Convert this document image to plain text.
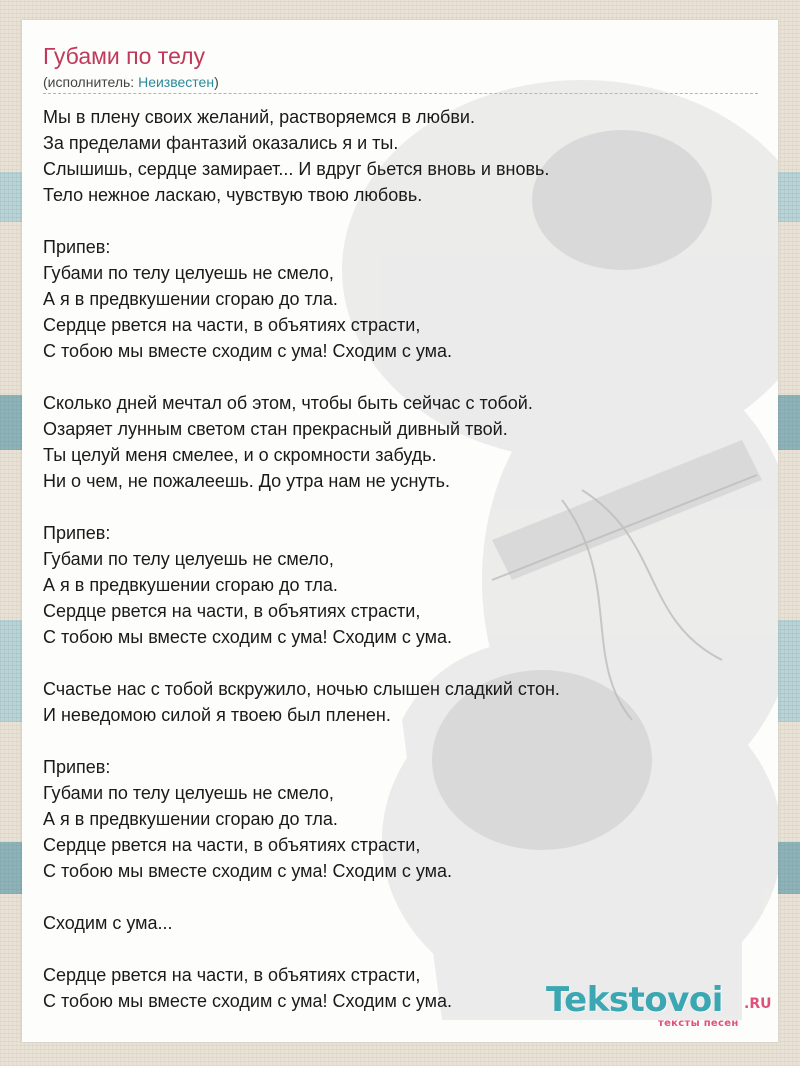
Губами по телу
(исполнитель: Неизвестен)
Мы в плену своих желаний, растворяемся в любви.
За пределами фантазий оказались я и ты.
Слышишь, сердце замирает... И вдруг бьется вновь и вновь.
Тело нежное ласкаю, чувствую твою любовь.
Припев:
Губами по телу целуешь не смело,
А я в предвкушении сгораю до тла.
Сердце рвется на части, в объятиях страсти,
С тобою мы вместе сходим с ума! Сходим с ума.
Сколько дней мечтал об этом, чтобы быть сейчас с тобой.
Озаряет лунным светом стан прекрасный дивный твой.
Ты целуй меня смелее, и о скромности забудь.
Ни о чем, не пожалеешь. До утра нам не уснуть.
Припев:
Губами по телу целуешь не смело,
А я в предвкушении сгораю до тла.
Сердце рвется на части, в объятиях страсти,
С тобою мы вместе сходим с ума! Сходим с ума.
Счастье нас с тобой вскружило, ночью слышен сладкий стон.
И неведомою силой я твоею был пленен.
Припев:
Губами по телу целуешь не смело,
А я в предвкушении сгораю до тла.
Сердце рвется на части, в объятиях страсти,
С тобою мы вместе сходим с ума! Сходим с ума.
Сходим с ума...
Сердце рвется на части, в объятиях страсти,
С тобою мы вместе сходим с ума! Сходим с ума.	Tekstovoi .RU
тексты песен
